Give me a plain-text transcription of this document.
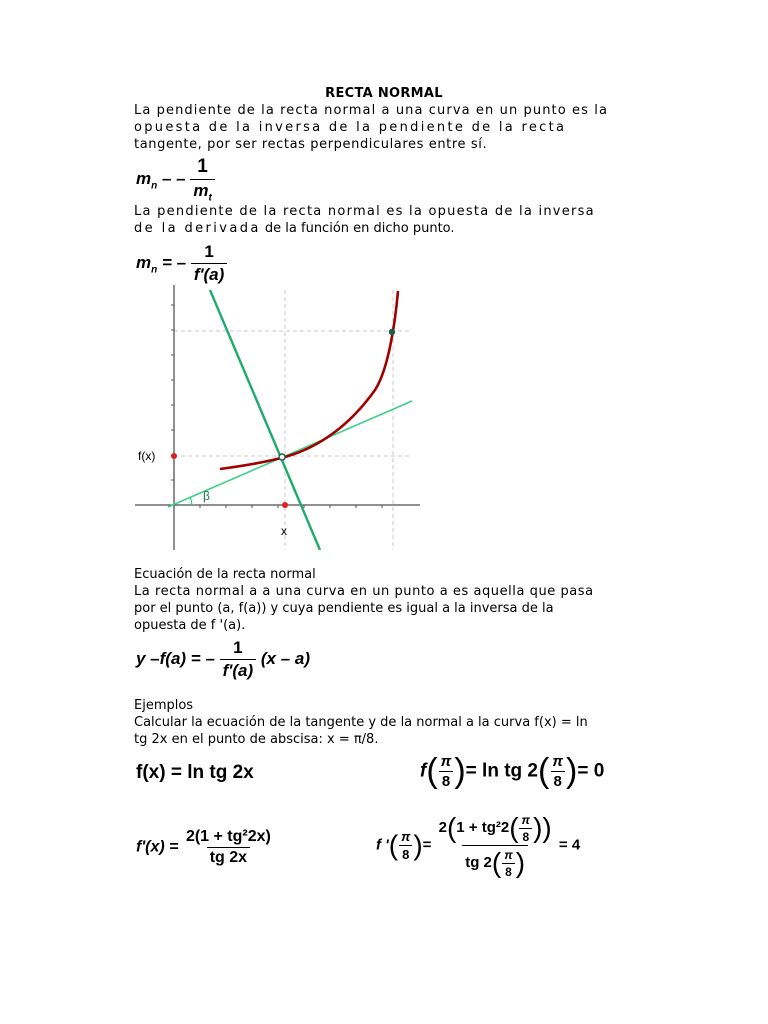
RECTA NORMAL
La pendiente de la recta normal a una curva en un punto es la
opuesta de la inversa de la pendiente de la recta
tangente, por ser rectas perpendiculares entre sí.
$m_n$ – – $\frac{1}{m_t}$
La pendiente de la recta normal es la opuesta de la inversa
de la derivada de la función en dicho punto.
$m_n$ = – $\frac{1}{f'(a)}$
β
f(x)
x
Ecuación de la recta normal
La recta normal a a una curva en un punto a es aquella que pasa
por el punto (a, f(a)) y cuya pendiente es igual a la inversa de la
opuesta de f '(a).
y –f(a) = – $\frac{1}{f'(a)} (x - a)$
Ejemplos
Calcular la ecuación de la tangente y de la normal a la curva f(x) = ln
tg 2x en el punto de abscisa: x = π/8.
f(x) = ln tg 2x	$f( \frac{\pi}{8}$ )= ln tg $2( \frac{\pi}{8}$ )= 0
$f'(x) = \frac{\text{2(1 + tg²2x)}}{tg 2x}$	f '( $\frac{\pi}{8}$ )= $\frac{2(1 + tg^22( \frac{\pi}{8} ))}{tg 2( \frac{\pi}{8} )} = 4$
